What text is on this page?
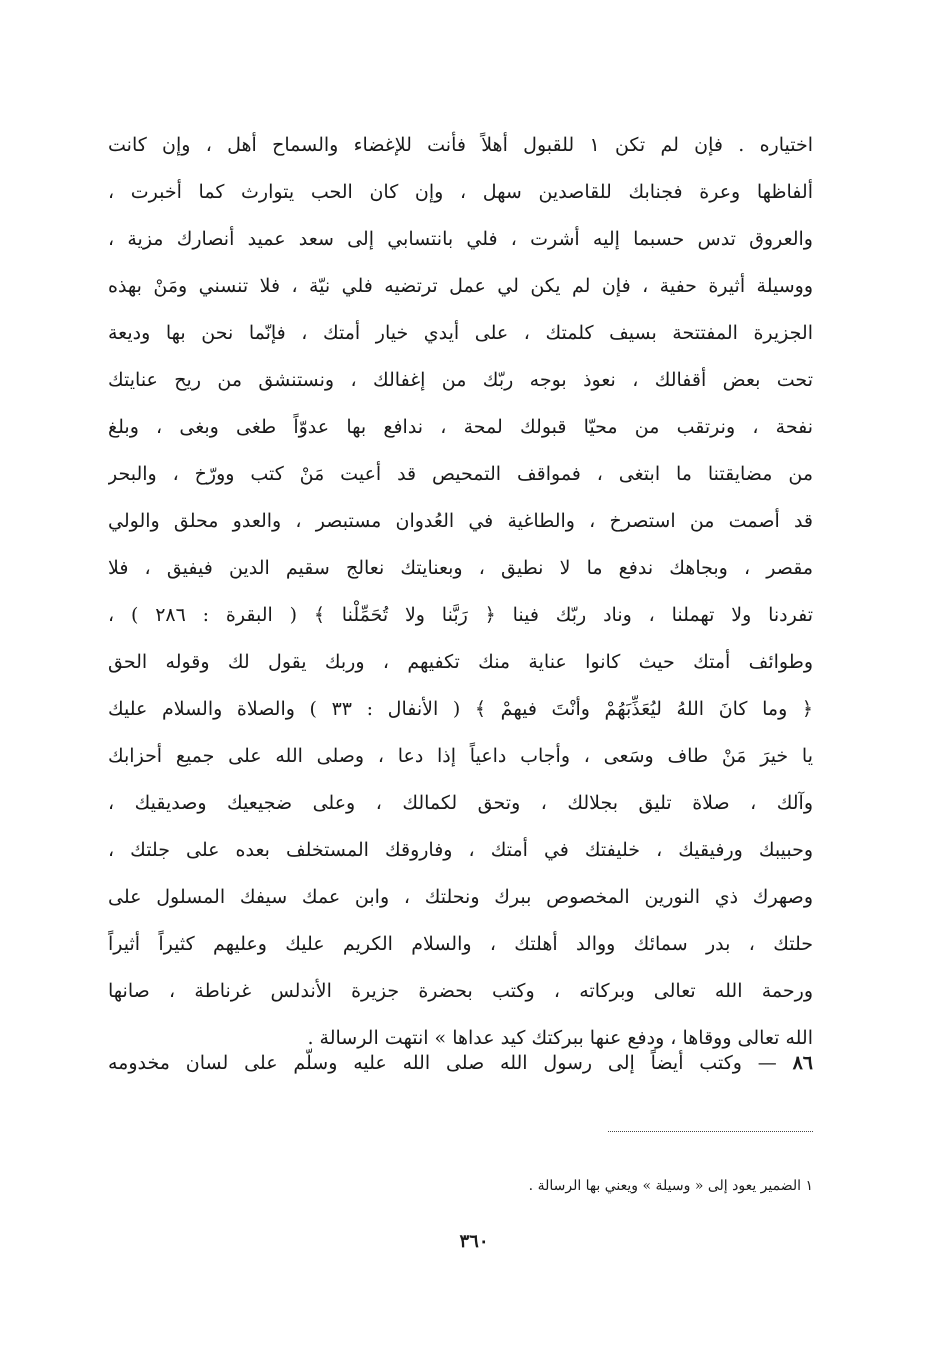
اختياره . فإن لم تكن ١ للقبول أهلاً فأنت للإغضاء والسماح أهل ، وإن كانت
ألفاظها وعرة فجنابك للقاصدين سهل ، وإن كان الحب يتوارث كما أخبرت ،
والعروق تدس حسبما إليه أشرت ، فلي بانتسابي إلى سعد عميد أنصارك مزية ،
ووسيلة أثيرة حفية ، فإن لم يكن لي عمل ترتضيه فلي نيّة ، فلا تنسني ومَنْ بهذه
الجزيرة المفتتحة بسيف كلمتك ، على أيدي خيار أمتك ، فإنّما نحن بها وديعة
تحت بعض أقفالك ، نعوذ بوجه ربّك من إغفالك ، ونستنشق من ريح عنايتك
نفحة ، ونرتقب من محيّا قبولك لمحة ، ندافع بها عدوّاً طغى وبغى ، وبلغ
من مضايقتنا ما ابتغى ، فمواقف التمحيص قد أعيت مَنْ كتب وورّخ ، والبحر
قد أصمت من استصرخ ، والطاغية في العُدوان مستبصر ، والعدو محلق والولي
مقصر ، وبجاهك ندفع ما لا نطيق ، وبعنايتك نعالج سقيم الدين فيفيق ، فلا
تفردنا ولا تهملنا ، وناد ربّك فينا ﴿ رَبَّنا ولا تُحَمِّلْنا ﴾ ( البقرة : ٢٨٦ ) ،
وطوائف أمتك حيث كانوا عناية منك تكفيهم ، وربك يقول لك وقوله الحق
﴿ وما كانَ اللهُ ليُعَذِّبَهُمْ وأنْتَ فيهمْ ﴾ ( الأنفال : ٣٣ ) والصلاة والسلام عليك
يا خيرَ مَنْ طاف وسَعى ، وأجاب داعياً إذا دعا ، وصلى الله على جميع أحزابك
وآلك ، صلاة تليق بجلالك ، وتحق لكمالك ، وعلى ضجيعيك وصديقيك ،
وحبيبك ورفيقيك ، خليفتك في أمتك ، وفاروقك المستخلف بعده على جلتك ،
وصهرك ذي النورين المخصوص ببرك ونحلتك ، وابن عمك سيفك المسلول على
حلتك ، بدر سمائك ووالد أهلتك ، والسلام الكريم عليك وعليهم كثيراً أثيراً
ورحمة الله تعالى وبركاته ، وكتب بحضرة جزيرة الأندلس غرناطة ، صانها
الله تعالى ووقاها ، ودفع عنها ببركتك كيد عداها » انتهت الرسالة .
٨٦ — وكتب أيضاً إلى رسول الله صلى الله عليه وسلّم على لسان مخدومه
١ الضمير يعود إلى « وسيلة » ويعني بها الرسالة .
٣٦٠
